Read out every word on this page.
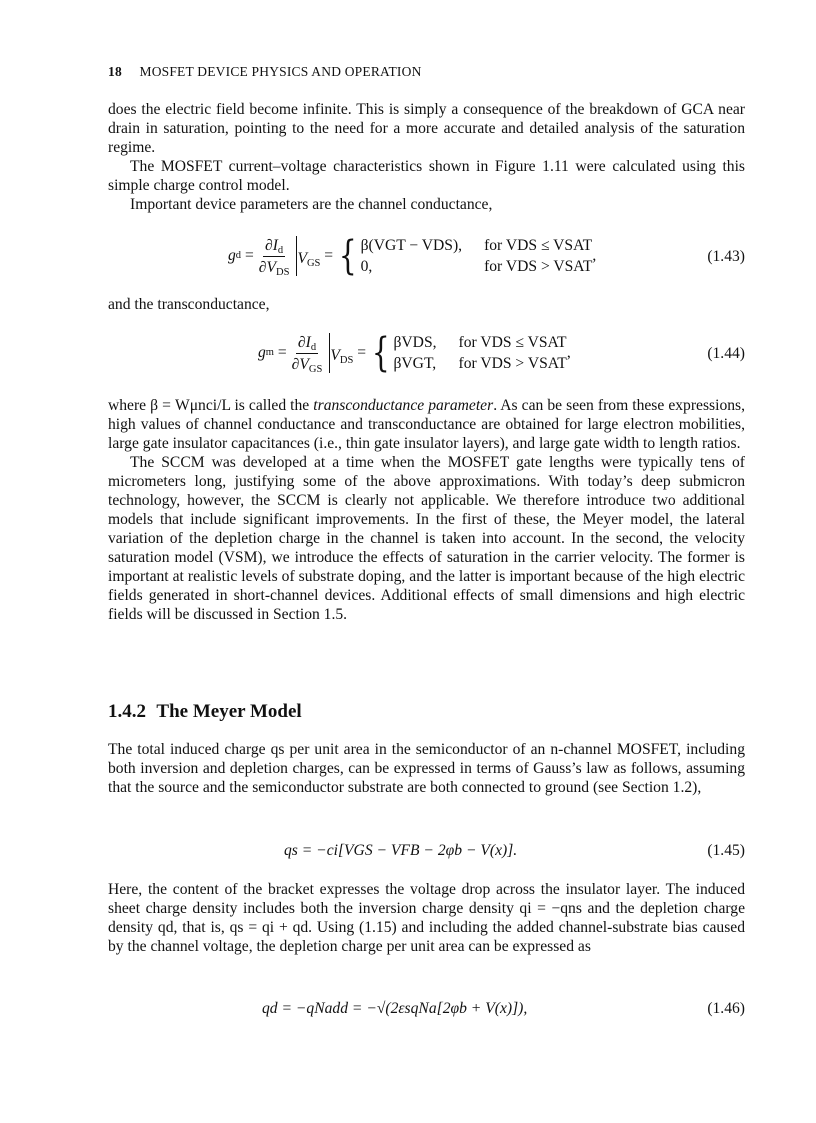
18 MOSFET DEVICE PHYSICS AND OPERATION

does the electric field become infinite. This is simply a consequence of the breakdown of GCA near drain in saturation, pointing to the need for a more accurate and detailed analysis of the saturation regime.

The MOSFET current–voltage characteristics shown in Figure 1.11 were calculated using this simple charge control model.

Important device parameters are the channel conductance,

g $d = \frac{\partial I_d}{\partial V_{DS}} V_{GS}$ = { β(VGT − VDS), for VDS ≤ VSAT
0,	for VDS > VSAT
,	(1.43)

and the transconductance,

g $m = \frac{\partial I_d}{\partial V_{GS}} V_{DS}$ = { βVDS, for VDS ≤ VSAT
βVGT, for VDS > VSAT
,	(1.44)

where β = Wμnci/L is called the transconductance parameter. As can be seen from these expressions, high values of channel conductance and transconductance are obtained for large electron mobilities, large gate insulator capacitances (i.e., thin gate insulator layers), and large gate width to length ratios.

The SCCM was developed at a time when the MOSFET gate lengths were typically tens of micrometers long, justifying some of the above approximations. With today’s deep submicron technology, however, the SCCM is clearly not applicable. We therefore introduce two additional models that include significant improvements. In the first of these, the Meyer model, the lateral variation of the depletion charge in the channel is taken into account. In the second, the velocity saturation model (VSM), we introduce the effects of saturation in the carrier velocity. The former is important at realistic levels of substrate doping, and the latter is important because of the high electric fields generated in short-channel devices. Additional effects of small dimensions and high electric fields will be discussed in Section 1.5.

1.4.2 The Meyer Model

The total induced charge qs per unit area in the semiconductor of an n-channel MOSFET, including both inversion and depletion charges, can be expressed in terms of Gauss’s law as follows, assuming that the source and the semiconductor substrate are both connected to ground (see Section 1.2),

qs = −ci[VGS − VFB − 2φb − V(x)].	(1.45)

Here, the content of the bracket expresses the voltage drop across the insulator layer. The induced sheet charge density includes both the inversion charge density qi = −qns and the depletion charge density qd, that is, qs = qi + qd. Using (1.15) and including the added channel-substrate bias caused by the channel voltage, the depletion charge per unit area can be expressed as

qd = −qNadd = −√(2εsqNa[2φb + V(x)]),	(1.46)
